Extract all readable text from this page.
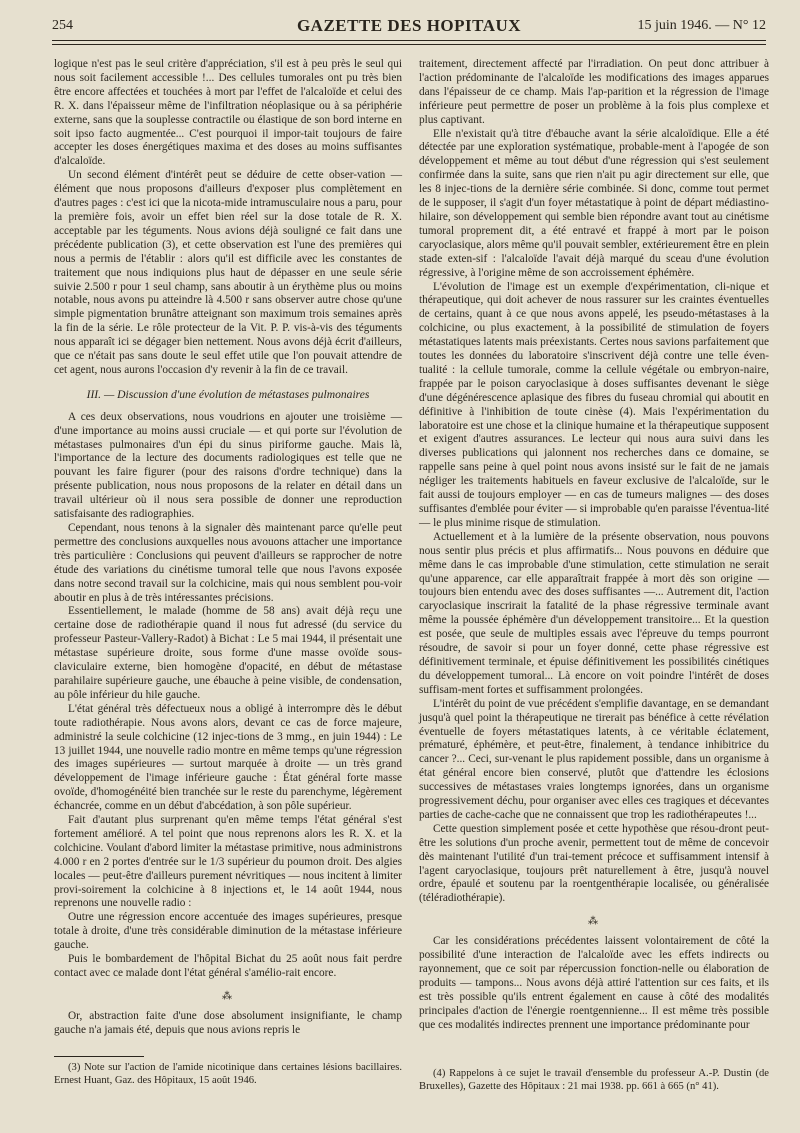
254	GAZETTE DES HOPITAUX	15 juin 1946. — N° 12

logique n'est pas le seul critère d'appréciation, s'il est à peu près le seul qui nous soit facilement accessible !... Des cellules tumorales ont pu très bien être encore affectées et touchées à mort par l'effet de l'alcaloïde et celui des R. X. dans l'épaisseur même de l'infiltration néoplasique ou à sa périphérie externe, sans que la souplesse contractile ou élastique de son bord interne en soit ipso facto augmentée... C'est pourquoi il impor-tait toujours de faire accepter les doses énergétiques maxima et des doses au moins suffisantes d'alcaloïde.

Un second élément d'intérêt peut se déduire de cette obser-vation — élément que nous proposons d'ailleurs d'exposer plus complètement en d'autres pages : c'est ici que la nicota-mide intramusculaire nous a paru, pour la première fois, avoir un effet bien réel sur la dose totale de R. X. acceptable par les téguments. Nous avions déjà souligné ce fait dans une précédente publication (3), et cette observation est l'une des premières qui nous a permis de l'établir : alors qu'il est difficile avec les constantes de traitement que nous indiquions plus haut de dépasser en une seule série suivie 2.500 r pour 1 seul champ, sans aboutir à un érythème plus ou moins notable, nous avons pu atteindre là 4.500 r sans observer autre chose qu'une simple pigmentation brunâtre atteignant son maximum trois semaines après la fin de la série. Le rôle protecteur de la Vit. P. P. vis-à-vis des téguments nous apparaît ici se dégager bien nettement. Nous avons déjà écrit d'ailleurs, que ce n'était pas sans doute le seul effet utile que l'on pouvait attendre de cet agent, nous aurons l'occasion d'y revenir à la fin de ce travail.

III. — Discussion d'une évolution de métastases pulmonaires

A ces deux observations, nous voudrions en ajouter une troisième — d'une importance au moins aussi cruciale — et qui porte sur l'évolution de métastases pulmonaires d'un épi du sinus piriforme gauche. Mais là, l'importance de la lecture des documents radiologiques est telle que ne pouvant les faire figurer (pour des raisons d'ordre technique) dans la présente publication, nous nous proposons de la relater en détail dans un travail ultérieur où il nous sera possible de donner une reproduction satisfaisante des radiographies.

Cependant, nous tenons à la signaler dès maintenant parce qu'elle peut permettre des conclusions auxquelles nous avouons attacher une importance très particulière : Conclusions qui peuvent d'ailleurs se rapprocher de notre étude des variations du cinétisme tumoral telle que nous l'avons exposée dans notre second travail sur la colchicine, mais qui nous semblent pou-voir aboutir en plus à de très intéressantes précisions.

Essentiellement, le malade (homme de 58 ans) avait déjà reçu une certaine dose de radiothérapie quand il nous fut adressé (du service du professeur Pasteur-Vallery-Radot) à Bichat : Le 5 mai 1944, il présentait une métastase supérieure droite, sous forme d'une masse ovoïde sous-claviculaire externe, bien homogène d'opacité, en début de métastase parahilaire supérieure gauche, une ébauche à peine visible, de condensation, au pôle inférieur du hile gauche.

L'état général très défectueux nous a obligé à interrompre dès le début toute radiothérapie. Nous avons alors, devant ce cas de force majeure, administré la seule colchicine (12 injec-tions de 3 mmg., en juin 1944) : Le 13 juillet 1944, une nouvelle radio montre en même temps qu'une régression des images supérieures — surtout marquée à droite — un très grand développement de l'image inférieure gauche : État général forte masse ovoïde, d'homogénéité bien tranchée sur le reste du parenchyme, légèrement échancrée, comme en un début d'abcédation, à son pôle supérieur.

Fait d'autant plus surprenant qu'en même temps l'état général s'est fortement amélioré. A tel point que nous reprenons alors les R. X. et la colchicine. Voulant d'abord limiter la métastase primitive, nous administrons 4.000 r en 2 portes d'entrée sur le 1/3 supérieur du poumon droit. Des algies locales — peut-être d'ailleurs purement névritiques — nous incitent à limiter provi-soirement la colchicine à 8 injections et, le 14 août 1944, nous reprenons une nouvelle radio :

Outre une régression encore accentuée des images supérieures, presque totale à droite, d'une très considérable diminution de la métastase inférieure gauche.

Puis le bombardement de l'hôpital Bichat du 25 août nous fait perdre contact avec ce malade dont l'état général s'amélio-rait encore.

⁂

Or, abstraction faite d'une dose absolument insignifiante, le champ gauche n'a jamais été, depuis que nous avions repris le

(3) Note sur l'action de l'amide nicotinique dans certaines lésions bacillaires. Ernest Huant, Gaz. des Hôpitaux, 15 août 1946.

traitement, directement affecté par l'irradiation. On peut donc attribuer à l'action prédominante de l'alcaloïde les modifications des images apparues dans l'épaisseur de ce champ. Mais l'ap-parition et la régression de l'image inférieure peut permettre de poser un problème à la fois plus complexe et plus captivant.

Elle n'existait qu'à titre d'ébauche avant la série alcaloïdique. Elle a été détectée par une exploration systématique, probable-ment à l'apogée de son développement et même au tout début d'une régression qui s'est seulement confirmée dans la suite, sans que rien n'ait pu agir directement sur elle, que les 8 injec-tions de la dernière série combinée. Si donc, comme tout permet de le supposer, il s'agit d'un foyer métastatique à point de départ médiastino-hilaire, son développement qui semble bien répondre avant tout au cinétisme tumoral proprement dit, a été entravé et frappé à mort par le poison caryoclasique, alors même qu'il pouvait sembler, extérieurement être en plein stade exten-sif : l'alcaloïde l'avait déjà marqué du sceau d'une évolution régressive, à l'origine même de son accroissement éphémère.

L'évolution de l'image est un exemple d'expérimentation, cli-nique et thérapeutique, qui doit achever de nous rassurer sur les craintes éventuelles de certains, quant à ce que nous avons appelé, les pseudo-métastases à la colchicine, ou plus exactement, à la possibilité de stimulation de foyers métastatiques latents mais préexistants. Certes nous savions parfaitement que toutes les données du laboratoire s'inscrivent déjà contre une telle éven-tualité : la cellule tumorale, comme la cellule végétale ou embryon-naire, frappée par le poison caryoclasique à doses suffisantes devenant le siège d'une dégénérescence aplasique des fibres du fuseau chromial qui aboutit en définitive à l'inhibition de toute cinèse (4). Mais l'expérimentation du laboratoire est une chose et la clinique humaine et la thérapeutique supposent et exigent d'autres assurances. Le lecteur qui nous aura suivi dans les diverses publications qui jalonnent nos recherches dans ce domaine, se rappelle sans peine à quel point nous avons insisté sur le fait de ne jamais négliger les traitements habituels en faveur exclusive de l'alcaloïde, sur le fait aussi de toujours employer — en cas de tumeurs malignes — des doses suffisantes d'emblée pour éviter — si improbable qu'en paraisse l'éventua-lité — le plus minime risque de stimulation.

Actuellement et à la lumière de la présente observation, nous pouvons nous sentir plus précis et plus affirmatifs... Nous pouvons en déduire que même dans le cas improbable d'une stimulation, cette stimulation ne serait qu'une apparence, car elle apparaîtrait frappée à mort dès son origine — toujours bien entendu avec des doses suffisantes —... Autrement dit, l'action caryoclasique inscrirait la fatalité de la phase régressive terminale avant même la poussée éphémère d'un développement transitoire... Et la question est posée, que seule de multiples essais avec l'épreuve du temps pourront résoudre, de savoir si pour un foyer donné, cette phase régressive est définitivement terminale, et épuise définitivement les possibilités cinétiques du développement tumoral... Là encore on voit poindre l'intérêt de doses suffisam-ment fortes et suffisamment prolongées.

L'intérêt du point de vue précédent s'emplifie davantage, en se demandant jusqu'à quel point la thérapeutique ne tirerait pas bénéfice à cette révélation éventuelle de foyers métastatiques latents, à ce véritable éclatement, prématuré, éphémère, et peut-être, finalement, à tendance inhibitrice du cancer ?... Ceci, sur-venant le plus rapidement possible, dans un organisme à état général encore bien conservé, plutôt que d'attendre les éclosions successives de métastases vraies longtemps ignorées, dans un organisme progressivement déchu, pour organiser avec elles ces tragiques et décevantes parties de cache-cache que ne connaissent que trop les radiothérapeutes !...

Cette question simplement posée et cette hypothèse que résou-dront peut-être les solutions d'un proche avenir, permettent tout de même de concevoir dès maintenant l'utilité d'un trai-tement précoce et suffisamment intensif à l'agent caryoclasique, toujours prêt naturellement à être, jusqu'à nouvel ordre, épaulé et soutenu par la roentgenthérapie localisée, ou généralisée (téléradiothérapie).

⁂

Car les considérations précédentes laissent volontairement de côté la possibilité d'une interaction de l'alcaloïde avec les effets indirects ou rayonnement, que ce soit par répercussion fonction-nelle ou élaboration de produits — tampons... Nous avons déjà attiré l'attention sur ces faits, et ils est très possible qu'ils entrent également en cause à côté des modalités principales d'action de l'énergie roentgennienne... Il est même très possible que ces modalités indirectes prennent une importance prédominante pour

(4) Rappelons à ce sujet le travail d'ensemble du professeur A.-P. Dustin (de Bruxelles), Gazette des Hôpitaux : 21 mai 1938. pp. 661 à 665 (n° 41).
